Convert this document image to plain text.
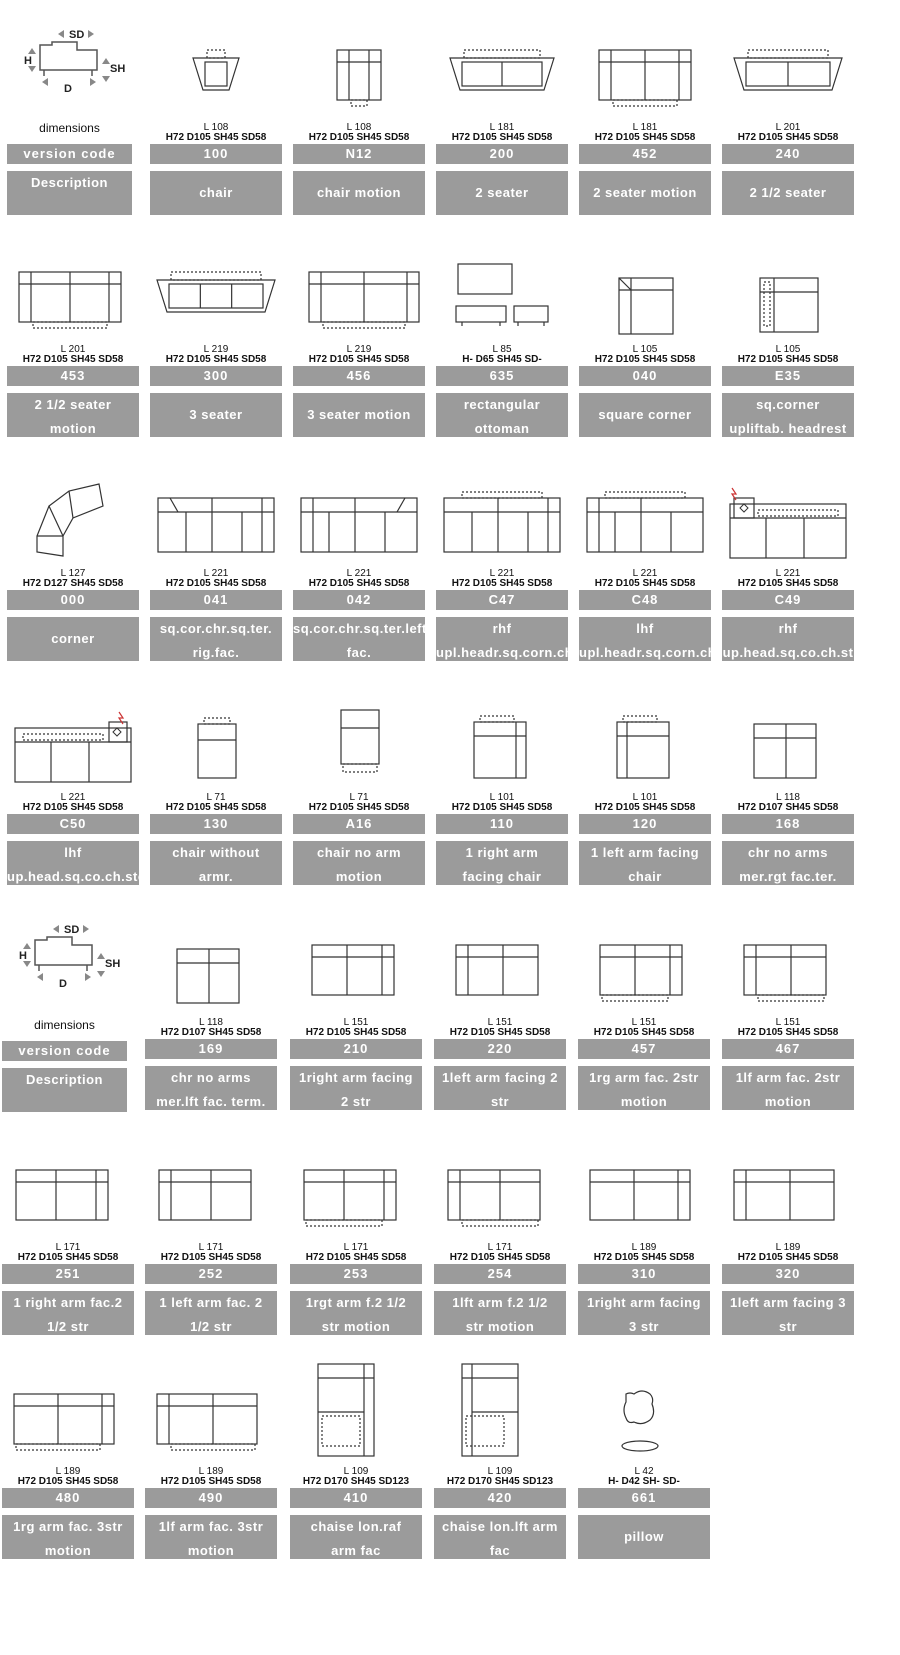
SD
H
D
SH
dimensions
version code
Description
SD
H
D
SH
dimensions
version code
Description
L 108
H72 D105 SH45 SD58
100
chair
L 108
H72 D105 SH45 SD58
N12
chair motion
L 181
H72 D105 SH45 SD58
200
2 seater
L 181
H72 D105 SH45 SD58
452
2 seater motion
L 201
H72 D105 SH45 SD58
240
2 1/2 seater
L 201
H72 D105 SH45 SD58
453
2 1/2 seater
motion
L 219
H72 D105 SH45 SD58
300
3 seater
L 219
H72 D105 SH45 SD58
456
3 seater motion
L 85
H- D65 SH45 SD-
635
rectangular
ottoman
L 105
H72 D105 SH45 SD58
040
square corner
L 105
H72 D105 SH45 SD58
E35
sq.corner
upliftab. headrest
L 127
H72 D127 SH45 SD58
000
corner
L 221
H72 D105 SH45 SD58
041
sq.cor.chr.sq.ter.
rig.fac.
L 221
H72 D105 SH45 SD58
042
sq.cor.chr.sq.ter.left
fac.
L 221
H72 D105 SH45 SD58
C47
rhf
upl.headr.sq.corn.ch
L 221
H72 D105 SH45 SD58
C48
lhf
upl.headr.sq.corn.ch
L 221
H72 D105 SH45 SD58
C49
rhf
up.head.sq.co.ch.st
L 221
H72 D105 SH45 SD58
C50
lhf
up.head.sq.co.ch.ste
L 71
H72 D105 SH45 SD58
130
chair without
armr.
L 71
H72 D105 SH45 SD58
A16
chair no arm
motion
L 101
H72 D105 SH45 SD58
110
1 right arm
facing chair
L 101
H72 D105 SH45 SD58
120
1 left arm facing
chair
L 118
H72 D107 SH45 SD58
168
chr no arms
mer.rgt fac.ter.
L 118
H72 D107 SH45 SD58
169
chr no arms
mer.lft fac. term.
L 151
H72 D105 SH45 SD58
210
1right arm facing
2 str
L 151
H72 D105 SH45 SD58
220
1left arm facing 2
str
L 151
H72 D105 SH45 SD58
457
1rg arm fac. 2str
motion
L 151
H72 D105 SH45 SD58
467
1lf arm fac. 2str
motion
L 171
H72 D105 SH45 SD58
251
1 right arm fac.2
1/2 str
L 171
H72 D105 SH45 SD58
252
1 left arm fac. 2
1/2 str
L 171
H72 D105 SH45 SD58
253
1rgt arm f.2 1/2
str motion
L 171
H72 D105 SH45 SD58
254
1lft arm f.2 1/2
str motion
L 189
H72 D105 SH45 SD58
310
1right arm facing
3 str
L 189
H72 D105 SH45 SD58
320
1left arm facing 3
str
L 189
H72 D105 SH45 SD58
480
1rg arm fac. 3str
motion
L 189
H72 D105 SH45 SD58
490
1lf arm fac. 3str
motion
L 109
H72 D170 SH45 SD123
410
chaise lon.raf
arm fac
L 109
H72 D170 SH45 SD123
420
chaise lon.lft arm
fac
L 42
H- D42 SH- SD-
661
pillow
